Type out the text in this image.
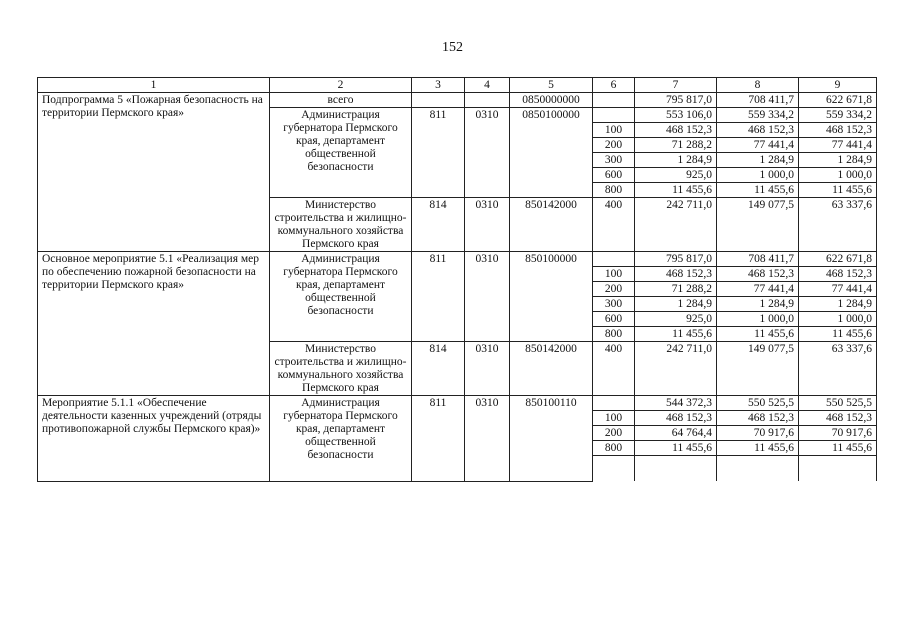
152
1	2	3	4	5	6	7	8	9
Подпрограмма 5 «Пожарная безопасность на территории Пермского края»	всего			0850000000		795 817,0	708 411,7	622 671,8
	Администрация губернатора Пермского края, департамент общественной безопасности	811	0310	0850100000		553 106,0	559 334,2	559 334,2
					100	468 152,3	468 152,3	468 152,3
					200	71 288,2	77 441,4	77 441,4
					300	1 284,9	1 284,9	1 284,9
					600	925,0	1 000,0	1 000,0
					800	11 455,6	11 455,6	11 455,6
	Министерство строительства и жилищно-коммунального хозяйства Пермского края	814	0310	850142000	400	242 711,0	149 077,5	63 337,6
Основное мероприятие 5.1 «Реализация мер по обеспечению пожарной безопасности на территории Пермского края»	Администрация губернатора Пермского края, департамент общественной безопасности	811	0310	850100000		795 817,0	708 411,7	622 671,8
					100	468 152,3	468 152,3	468 152,3
					200	71 288,2	77 441,4	77 441,4
					300	1 284,9	1 284,9	1 284,9
					600	925,0	1 000,0	1 000,0
					800	11 455,6	11 455,6	11 455,6
	Министерство строительства и жилищно-коммунального хозяйства Пермского края	814	0310	850142000	400	242 711,0	149 077,5	63 337,6
Мероприятие 5.1.1 «Обеспечение деятельности казенных учреждений (отряды противопожарной службы Пермского края)»	Администрация губернатора Пермского края, департамент общественной безопасности	811	0310	850100110		544 372,3	550 525,5	550 525,5
					100	468 152,3	468 152,3	468 152,3
					200	64 764,4	70 917,6	70 917,6
					800	11 455,6	11 455,6	11 455,6
